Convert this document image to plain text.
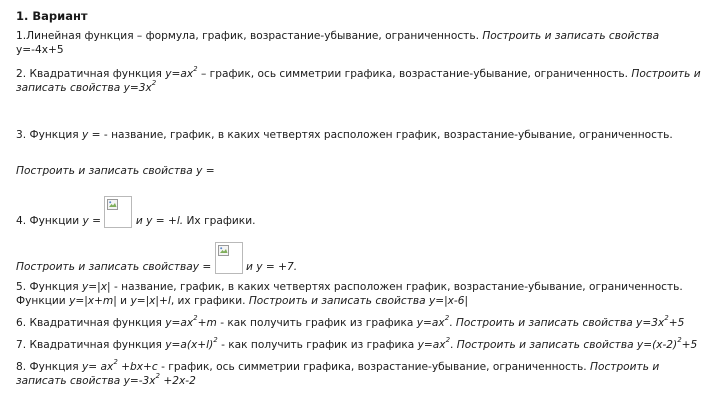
1. Вариант

1.Линейная функция – формула, график, возрастание-убывание, ограниченность. Построить и записать свойства y=-4x+5

2. Квадратичная функция $y=ax^2$ – график, ось симметрии графика, возрастание-убывание, ограниченность. Построить и записать свойства $y=3x^2$

3. Функция y = - название, график, в каких четвертях расположен график, возрастание-убывание, ограниченность.

Построить и записать свойства y =

4. Функции y =	и y = +l. Их графики.

Построить и записать свойстваy =	и y = +7.

5. Функция y=|x| - название, график, в каких четвертях расположен график, возрастание-убывание, ограниченность. Функции y=|x+m| и y=|x|+l, их графики. Построить и записать свойства y=|x-6|

6. Квадратичная функция $y=ax^2+m$ - как получить график из графика $y=ax^2$. Построить и записать свойства $y=3x^2+5$

7. Квадратичная функция $y=a(x+l)^2$ - как получить график из графика $y=ax^2$. Построить и записать свойства $y=(x-2)^2+5$

8. Функция $y= ax^2 +bx+c$ - график, ось симметрии графика, возрастание-убывание, ограниченность. Построить и записать свойства $y=-3x^2 +2x-2$
